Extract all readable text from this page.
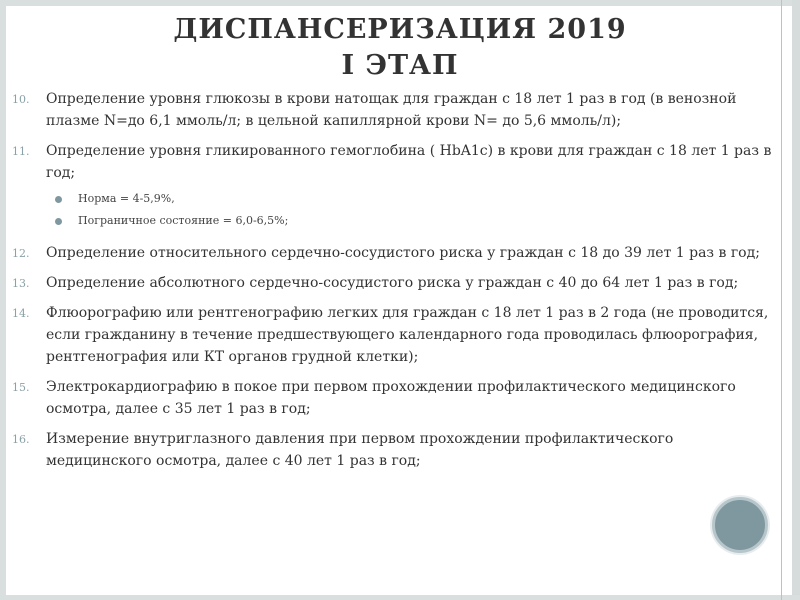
ДИСПАНСЕРИЗАЦИЯ 2019
I ЭТАП
10. Определение уровня глюкозы в крови натощак для граждан с 18 лет 1 раз в год (в венозной плазме N=до 6,1 ммоль/л; в цельной капиллярной крови N= до 5,6 ммоль/л);
11. Определение уровня гликированного гемоглобина ( HbA1c) в крови для граждан с 18 лет 1 раз в год;
Норма = 4-5,9%,
Пограничное состояние = 6,0-6,5%;
12. Определение относительного сердечно-сосудистого риска у граждан с 18 до 39 лет 1 раз в год;
13. Определение абсолютного сердечно-сосудистого риска у граждан с 40 до 64 лет 1 раз в год;
14. Флюорографию или рентгенографию легких для граждан с 18 лет 1 раз в 2 года (не проводится, если гражданину в течение предшествующего календарного года проводилась флюорография, рентгенография или КТ органов грудной клетки);
15. Электрокардиографию в покое при первом прохождении профилактического медицинского осмотра, далее с 35 лет 1 раз в год;
16. Измерение внутриглазного давления при первом прохождении профилактического медицинского осмотра, далее с 40 лет 1 раз в год;
